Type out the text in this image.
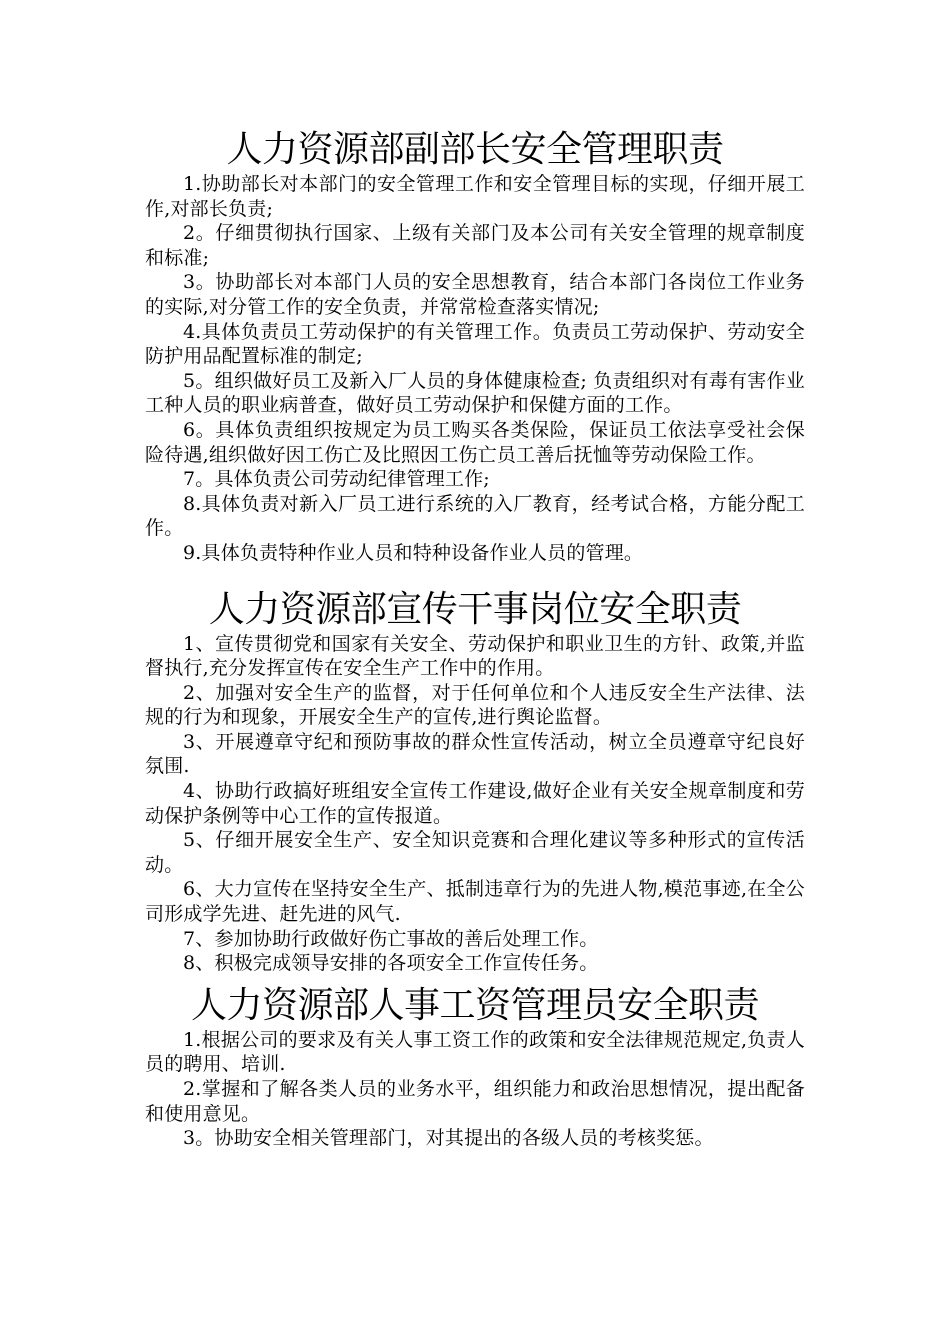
人力资源部副部长安全管理职责
1.协助部长对本部门的安全管理工作和安全管理目标的实现，仔细开展工作,对部长负责;
2。仔细贯彻执行国家、上级有关部门及本公司有关安全管理的规章制度和标准;
3。协助部长对本部门人员的安全思想教育，结合本部门各岗位工作业务的实际,对分管工作的安全负责，并常常检查落实情况;
4.具体负责员工劳动保护的有关管理工作。负责员工劳动保护、劳动安全防护用品配置标准的制定;
5。组织做好员工及新入厂人员的身体健康检查; 负责组织对有毒有害作业工种人员的职业病普查，做好员工劳动保护和保健方面的工作。
6。具体负责组织按规定为员工购买各类保险，保证员工依法享受社会保险待遇,组织做好因工伤亡及比照因工伤亡员工善后抚恤等劳动保险工作。
7。具体负责公司劳动纪律管理工作;
8.具体负责对新入厂员工进行系统的入厂教育，经考试合格，方能分配工作。
9.具体负责特种作业人员和特种设备作业人员的管理。
人力资源部宣传干事岗位安全职责
1、宣传贯彻党和国家有关安全、劳动保护和职业卫生的方针、政策,并监督执行,充分发挥宣传在安全生产工作中的作用。
2、加强对安全生产的监督，对于任何单位和个人违反安全生产法律、法规的行为和现象，开展安全生产的宣传,进行舆论监督。
3、开展遵章守纪和预防事故的群众性宣传活动，树立全员遵章守纪良好氛围.
4、协助行政搞好班组安全宣传工作建设,做好企业有关安全规章制度和劳动保护条例等中心工作的宣传报道。
5、仔细开展安全生产、安全知识竞赛和合理化建议等多种形式的宣传活动。
6、大力宣传在坚持安全生产、抵制违章行为的先进人物,模范事迹,在全公司形成学先进、赶先进的风气.
7、参加协助行政做好伤亡事故的善后处理工作。
8、积极完成领导安排的各项安全工作宣传任务。
人力资源部人事工资管理员安全职责
1.根据公司的要求及有关人事工资工作的政策和安全法律规范规定,负责人员的聘用、培训.
2.掌握和了解各类人员的业务水平，组织能力和政治思想情况，提出配备和使用意见。
3。协助安全相关管理部门，对其提出的各级人员的考核奖惩。
